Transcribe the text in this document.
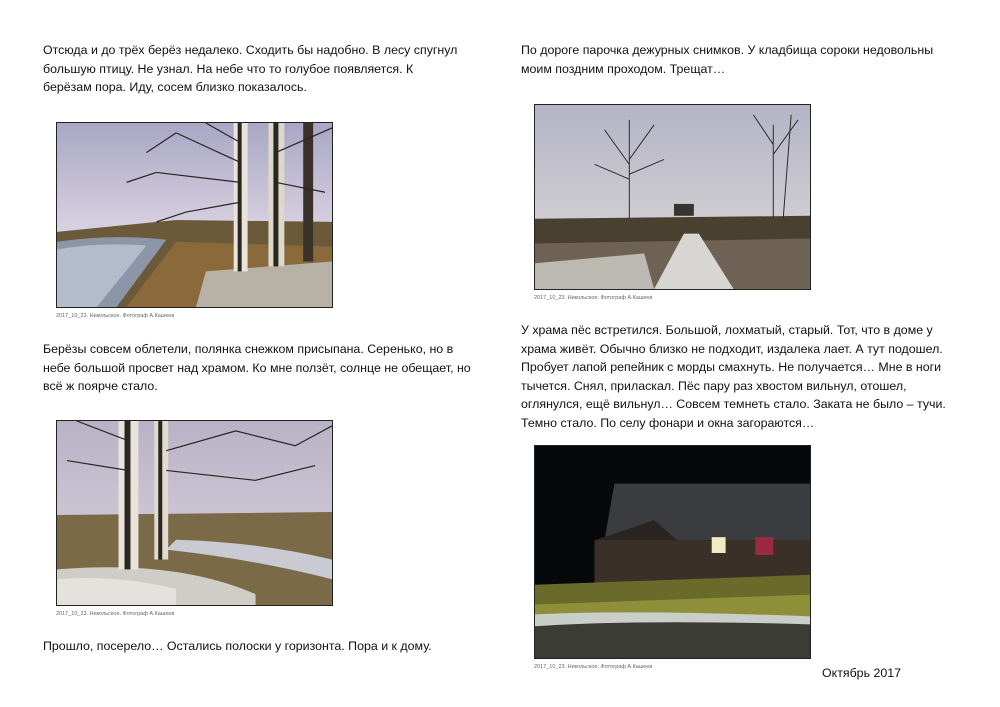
Отсюда и до трёх берёз недалеко. Сходить бы надобно. В лесу спугнул большую птицу. Не узнал. На небе что то голубое появляется. К берёзам пора. Иду, сосем близко показалось.

2017_10_23. Никольское. Фотограф А.Кашеев

Берёзы совсем облетели, полянка снежком присыпана. Серенько, но в небе большой просвет над храмом. Ко мне ползёт, солнце не обещает, но всё ж поярче стало.

2017_10_23. Никольское. Фотограф А.Кашеев

Прошло, посерело… Остались полоски у горизонта. Пора и к дому.

По дороге парочка дежурных снимков. У кладбища сороки недовольны моим поздним проходом. Трещат…

2017_10_23. Никольское. Фотограф А.Кашеев

У храма пёс встретился. Большой, лохматый, старый. Тот, что в доме у храма живёт. Обычно близко не подходит, издалека лает. А тут подошел. Пробует лапой репейник с морды смахнуть. Не получается… Мне в ноги тычется. Снял, приласкал. Пёс пару раз хвостом вильнул, отошел, оглянулся, ещё вильнул… Совсем темнеть стало. Заката не было – тучи. Темно стало. По селу фонари и окна загораются…

2017_10_23. Никольское. Фотограф А.Кашеев	Октябрь 2017
